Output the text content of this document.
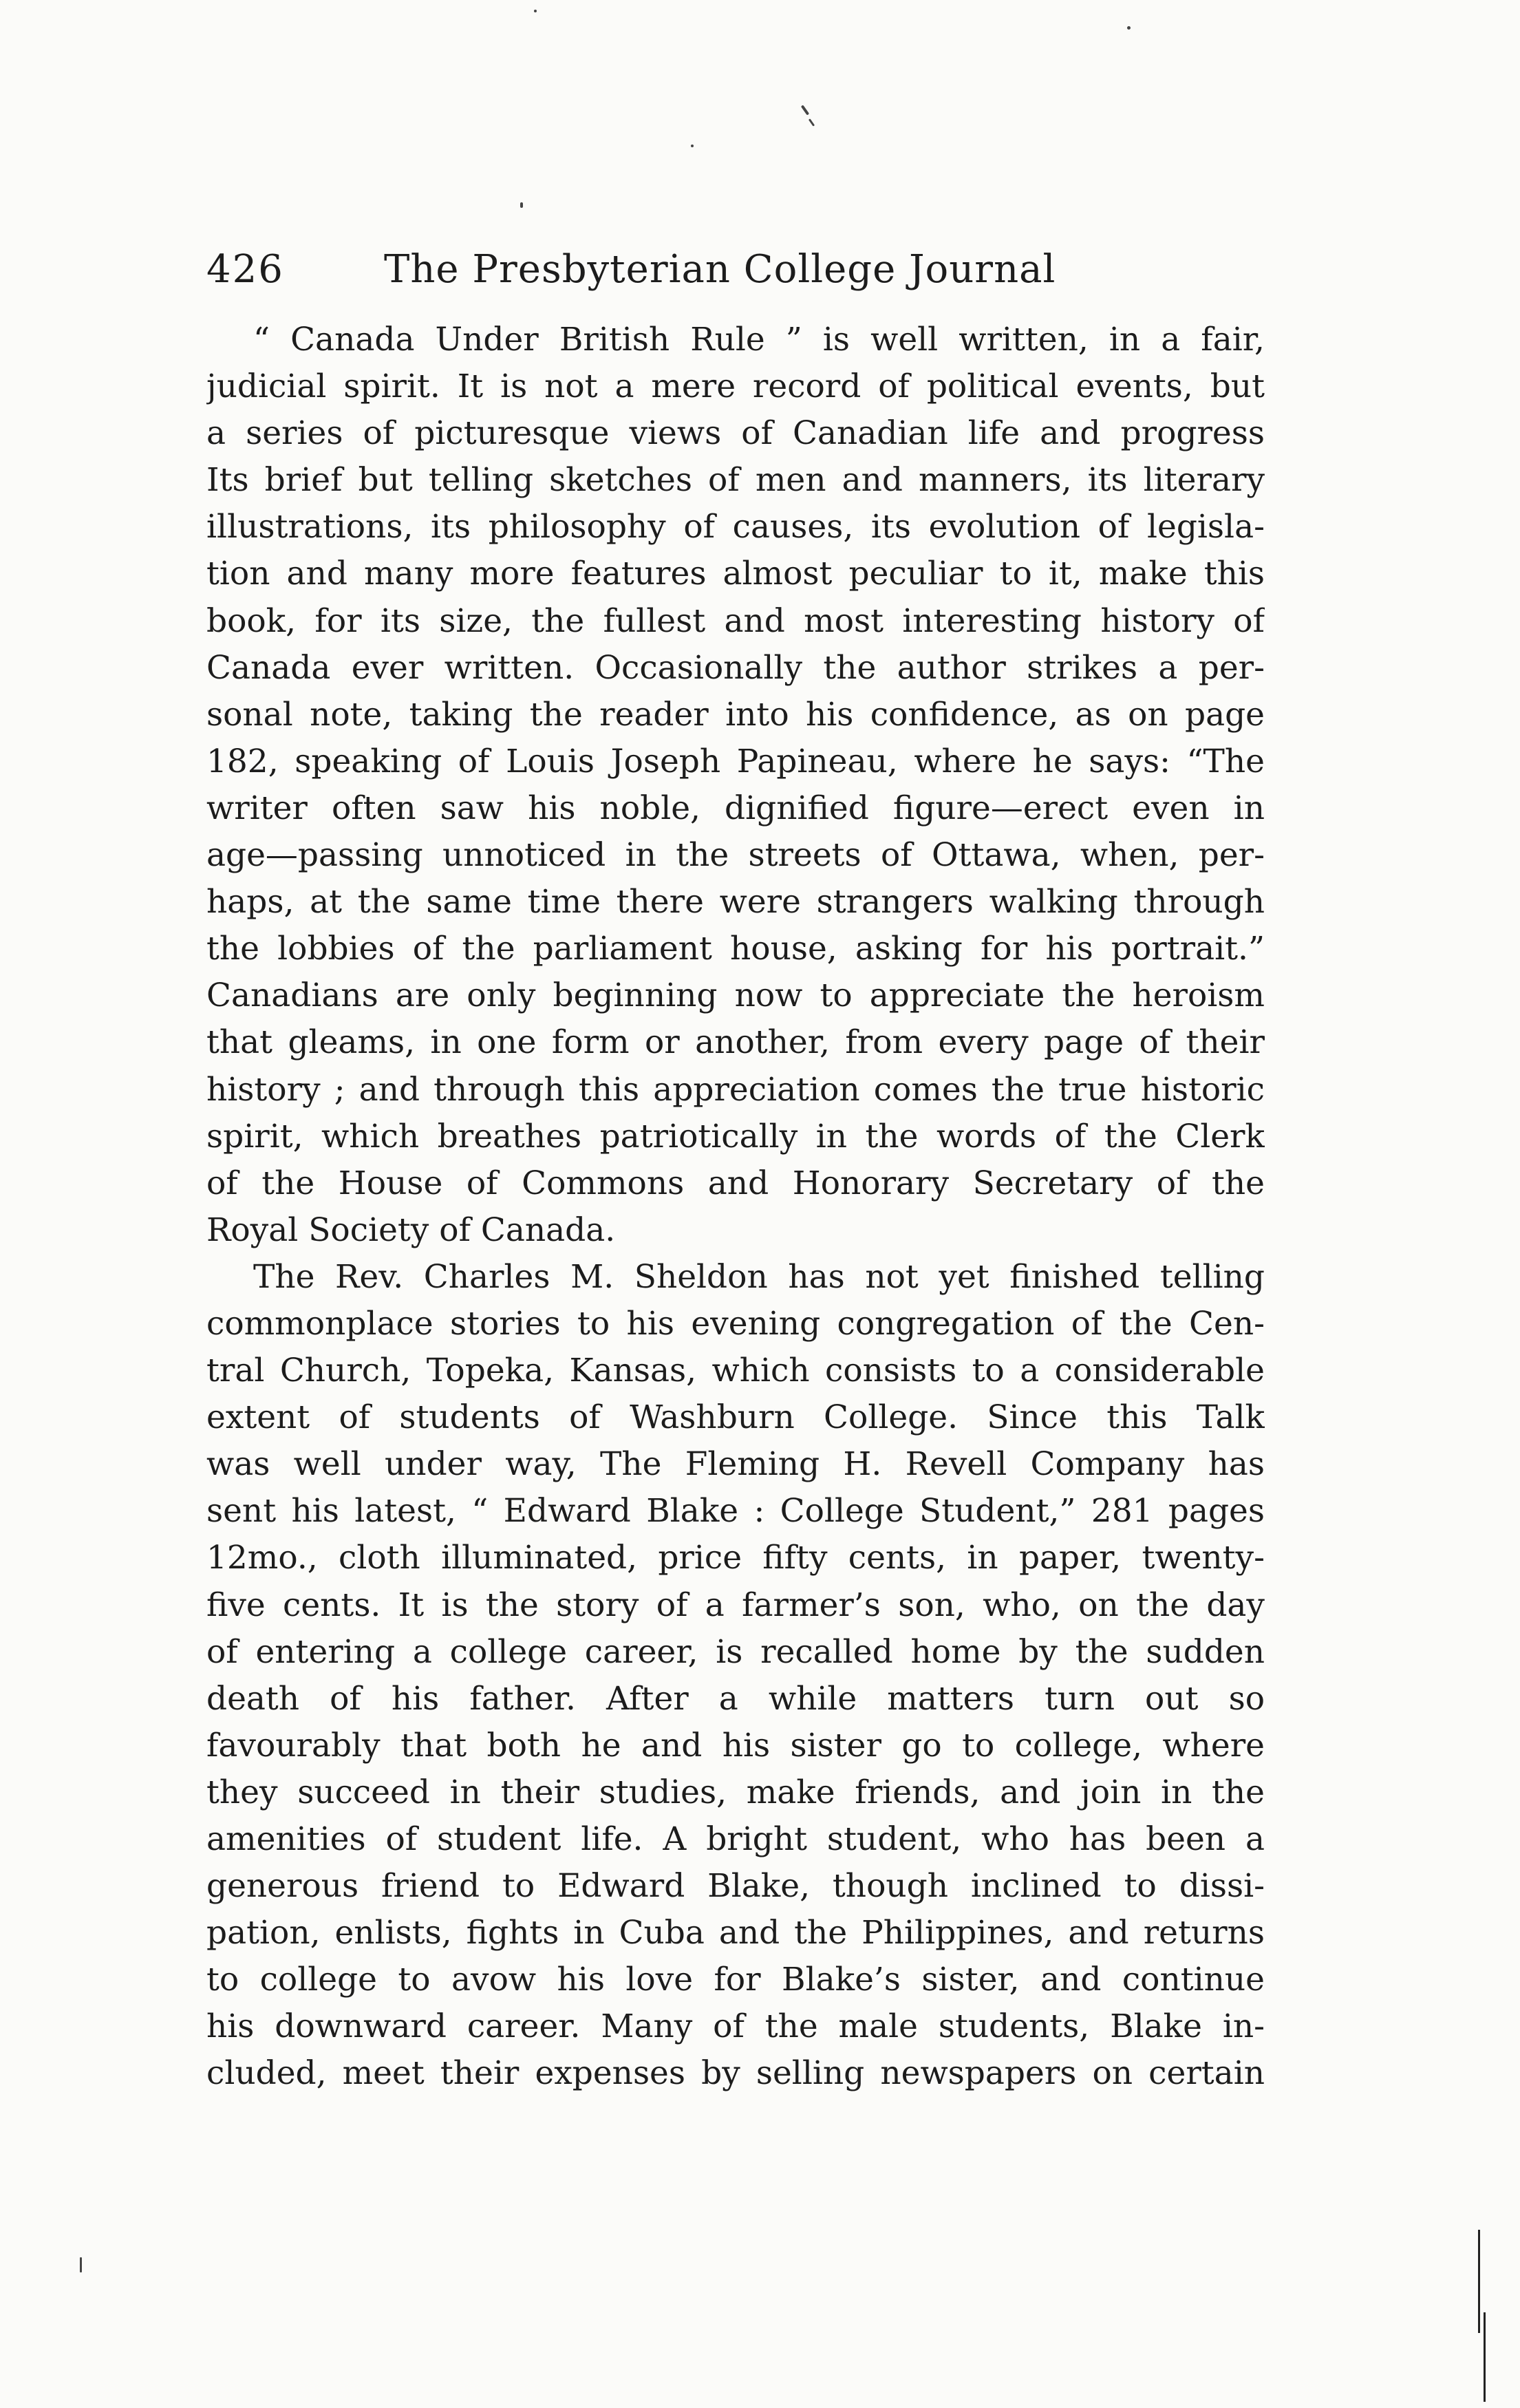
426	The Presbyterian College Journal
“ Canada Under British Rule ” is well written, in a fair,
judicial spirit. It is not a mere record of political events, but
a series of picturesque views of Canadian life and progress
Its brief but telling sketches of men and manners, its literary
illustrations, its philosophy of causes, its evolution of legisla-
tion and many more features almost peculiar to it, make this
book, for its size, the fullest and most interesting history of
Canada ever written. Occasionally the author strikes a per-
sonal note, taking the reader into his confidence, as on page
182, speaking of Louis Joseph Papineau, where he says: “The
writer often saw his noble, dignified figure—erect even in
age—passing unnoticed in the streets of Ottawa, when, per-
haps, at the same time there were strangers walking through
the lobbies of the parliament house, asking for his portrait.”
Canadians are only beginning now to appreciate the heroism
that gleams, in one form or another, from every page of their
history ; and through this appreciation comes the true historic
spirit, which breathes patriotically in the words of the Clerk
of the House of Commons and Honorary Secretary of the
Royal Society of Canada.
The Rev. Charles M. Sheldon has not yet finished telling
commonplace stories to his evening congregation of the Cen-
tral Church, Topeka, Kansas, which consists to a considerable
extent of students of Washburn College. Since this Talk
was well under way, The Fleming H. Revell Company has
sent his latest, “ Edward Blake : College Student,” 281 pages
12mo., cloth illuminated, price fifty cents, in paper, twenty-
five cents. It is the story of a farmer’s son, who, on the day
of entering a college career, is recalled home by the sudden
death of his father. After a while matters turn out so
favourably that both he and his sister go to college, where
they succeed in their studies, make friends, and join in the
amenities of student life. A bright student, who has been a
generous friend to Edward Blake, though inclined to dissi-
pation, enlists, fights in Cuba and the Philippines, and returns
to college to avow his love for Blake’s sister, and continue
his downward career. Many of the male students, Blake in-
cluded, meet their expenses by selling newspapers on certain
